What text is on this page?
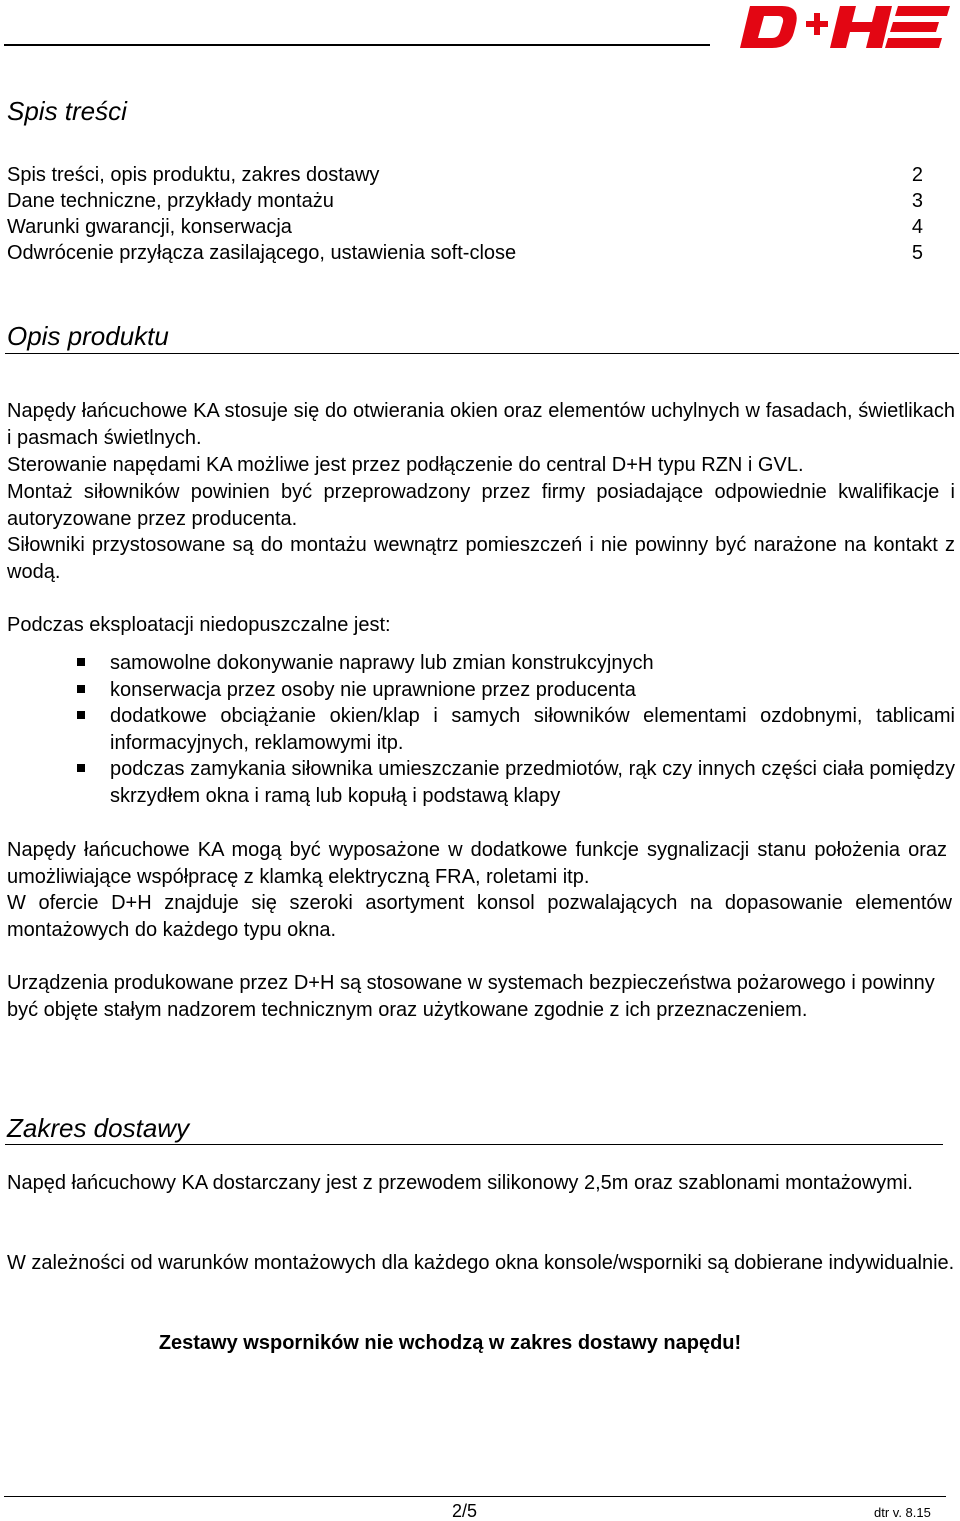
Spis treści
Spis treści, opis produktu, zakres dostawy	2
Dane techniczne, przykłady montażu	3
Warunki gwarancji, konserwacja	4
Odwrócenie przyłącza zasilającego, ustawienia soft-close	5
Opis produktu

Napędy łańcuchowe KA stosuje się do otwierania okien oraz elementów uchylnych w fasadach, świetlikach i pasmach świetlnych.

Sterowanie napędami KA możliwe jest przez podłączenie do central D+H typu RZN i GVL.

Montaż siłowników powinien być przeprowadzony przez firmy posiadające odpowiednie kwalifikacje i autoryzowane przez producenta.

Siłowniki przystosowane są do montażu wewnątrz pomieszczeń i nie powinny być narażone na kontakt z wodą.

Podczas eksploatacji niedopuszczalne jest:

samowolne dokonywanie naprawy lub zmian konstrukcyjnych
konserwacja przez osoby nie uprawnione przez producenta
dodatkowe obciążanie okien/klap i samych siłowników elementami ozdobnymi, tablicami informacyjnych, reklamowymi itp.
podczas zamykania siłownika umieszczanie przedmiotów, rąk czy innych części ciała pomiędzy skrzydłem okna i ramą lub kopułą i podstawą klapy

Napędy łańcuchowe KA mogą być wyposażone w dodatkowe funkcje sygnalizacji stanu położenia oraz umożliwiające współpracę z klamką elektryczną FRA, roletami itp.

W ofercie D+H znajduje się szeroki asortyment konsol pozwalających na dopasowanie elementów montażowych do każdego typu okna.

Urządzenia produkowane przez D+H są stosowane w systemach bezpieczeństwa pożarowego i powinny być objęte stałym nadzorem technicznym oraz użytkowane zgodnie z ich przeznaczeniem.

Zakres dostawy

Napęd łańcuchowy KA dostarczany jest z przewodem silikonowy 2,5m oraz szablonami montażowymi.

W zależności od warunków montażowych dla każdego okna konsole/wsporniki są dobierane indywidualnie.

Zestawy wsporników nie wchodzą w zakres dostawy napędu!
2/5	dtr v. 8.15
